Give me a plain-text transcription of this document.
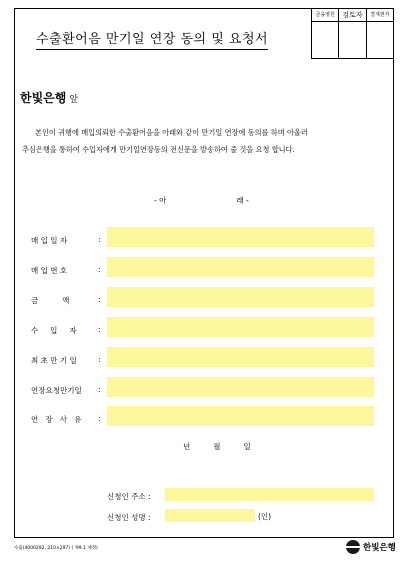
금융영원	검토자	결재권자
수출환어음 만기일 연장 동의 및 요청서
한빛은행 앞
본인이 귀행에 매입의뢰한 수출환어음을 아래와 같이 만기일 연장에 동의를 하며 아울러
추심은행을 통하여 수입자에게 만기일연장동의 전신문을 발송하여 줄 것을 요청 합니다.
- 아	래 -
매 입 일 자	:
매 입 번 호	:
금          액	:
수     입     자	:
최 초 만 기 일	:
연장요청만기일 :
연   장   사   유 :
년	월	일
신청인 주소 :
신청인 성명 :	(인)
수출(4000292, 210×297) ( '99.1 제정)	한빛은행
